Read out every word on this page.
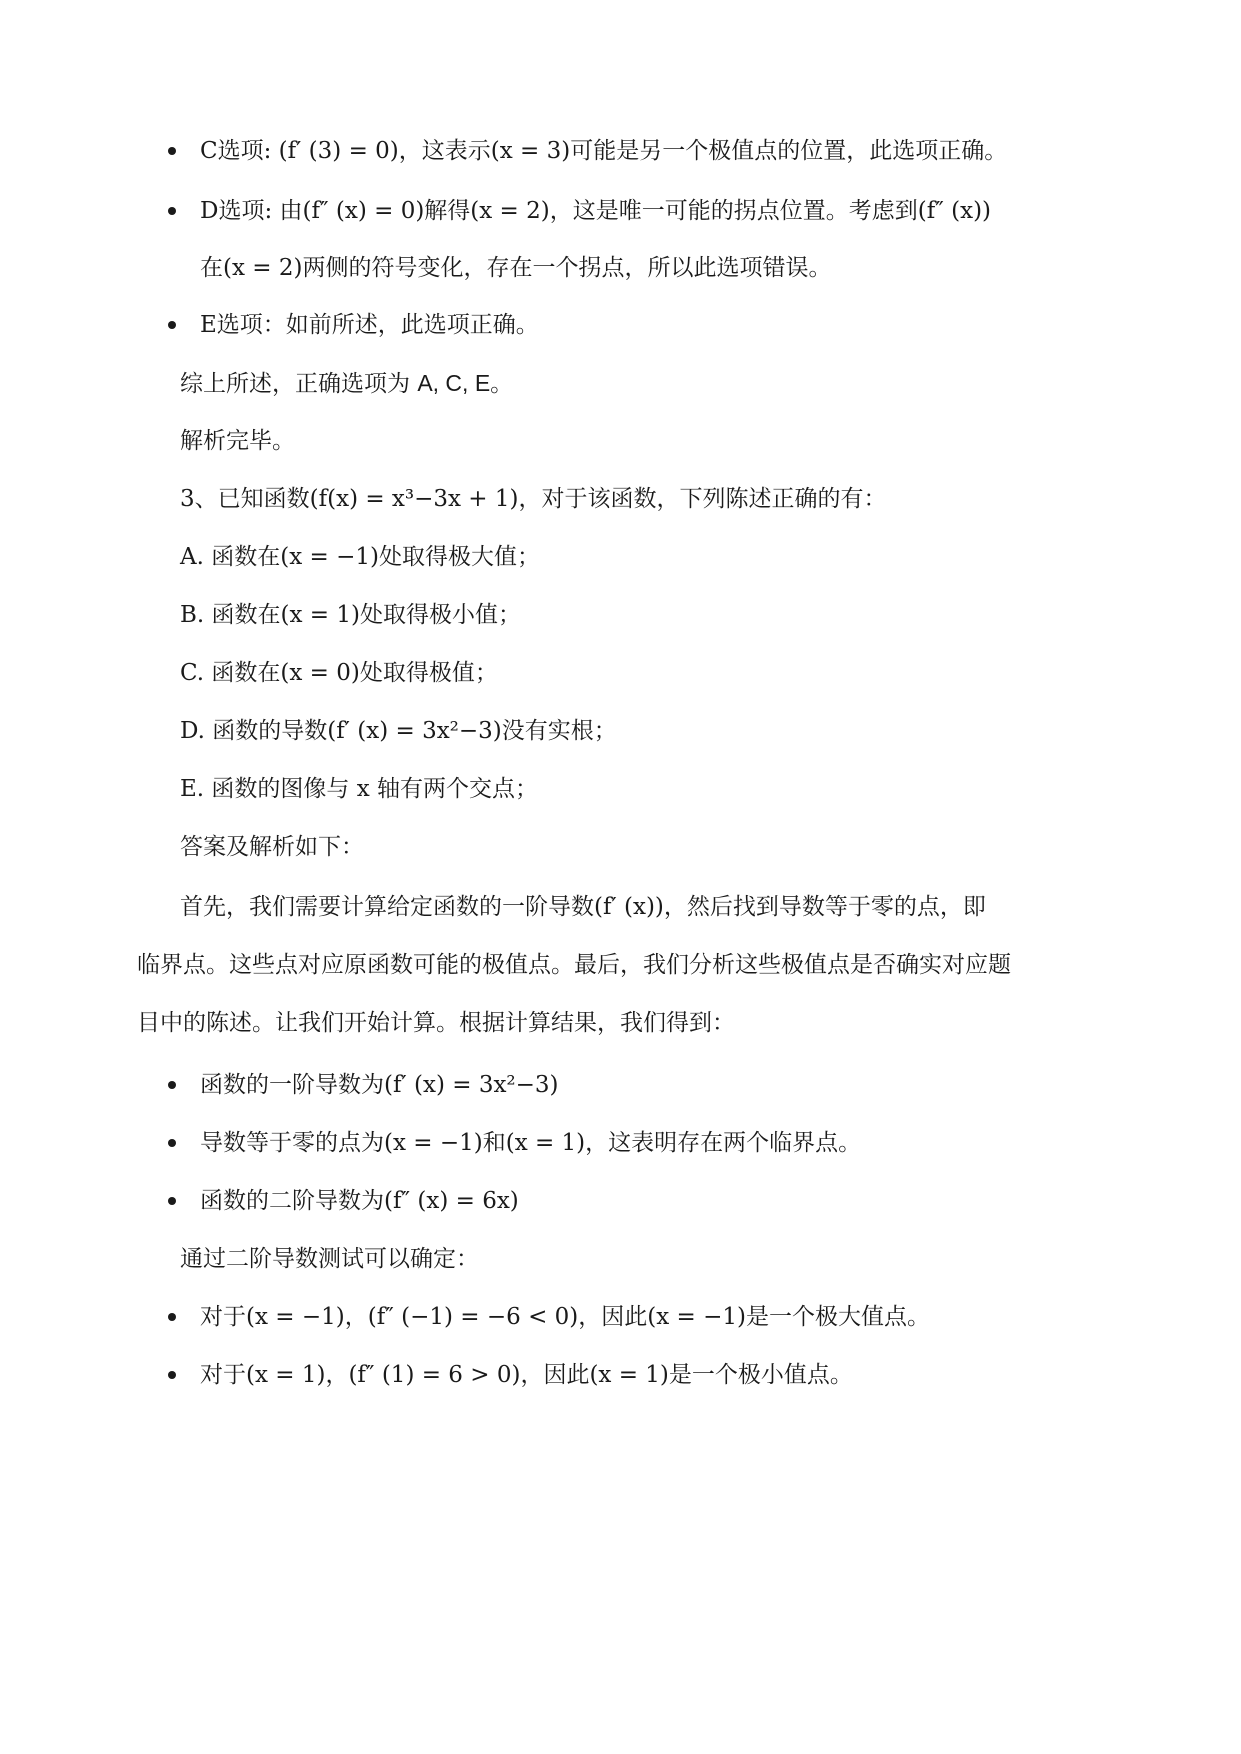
C选项: (f′ (3) = 0)，这表示(x = 3)可能是另一个极值点的位置，此选项正确。
D选项: 由(f″ (x) = 0)解得(x = 2)，这是唯一可能的拐点位置。考虑到(f″ (x))
在(x = 2)两侧的符号变化，存在一个拐点，所以此选项错误。
E选项：如前所述，此选项正确。
综上所述，正确选项为 A, C, E。
解析完毕。
3、已知函数(f(x) = x³−3x + 1)，对于该函数，下列陈述正确的有：
A. 函数在(x = −1)处取得极大值；
B. 函数在(x = 1)处取得极小值；
C. 函数在(x = 0)处取得极值；
D. 函数的导数(f′ (x) = 3x²−3)没有实根；
E. 函数的图像与 x 轴有两个交点；
答案及解析如下：
首先，我们需要计算给定函数的一阶导数(f′ (x))，然后找到导数等于零的点，即
临界点。这些点对应原函数可能的极值点。最后，我们分析这些极值点是否确实对应题
目中的陈述。让我们开始计算。根据计算结果，我们得到：
函数的一阶导数为(f′ (x) = 3x²−3)
导数等于零的点为(x = −1)和(x = 1)，这表明存在两个临界点。
函数的二阶导数为(f″ (x) = 6x)
通过二阶导数测试可以确定：
对于(x = −1)，(f″ (−1) = −6 < 0)，因此(x = −1)是一个极大值点。
对于(x = 1)，(f″ (1) = 6 > 0)，因此(x = 1)是一个极小值点。
